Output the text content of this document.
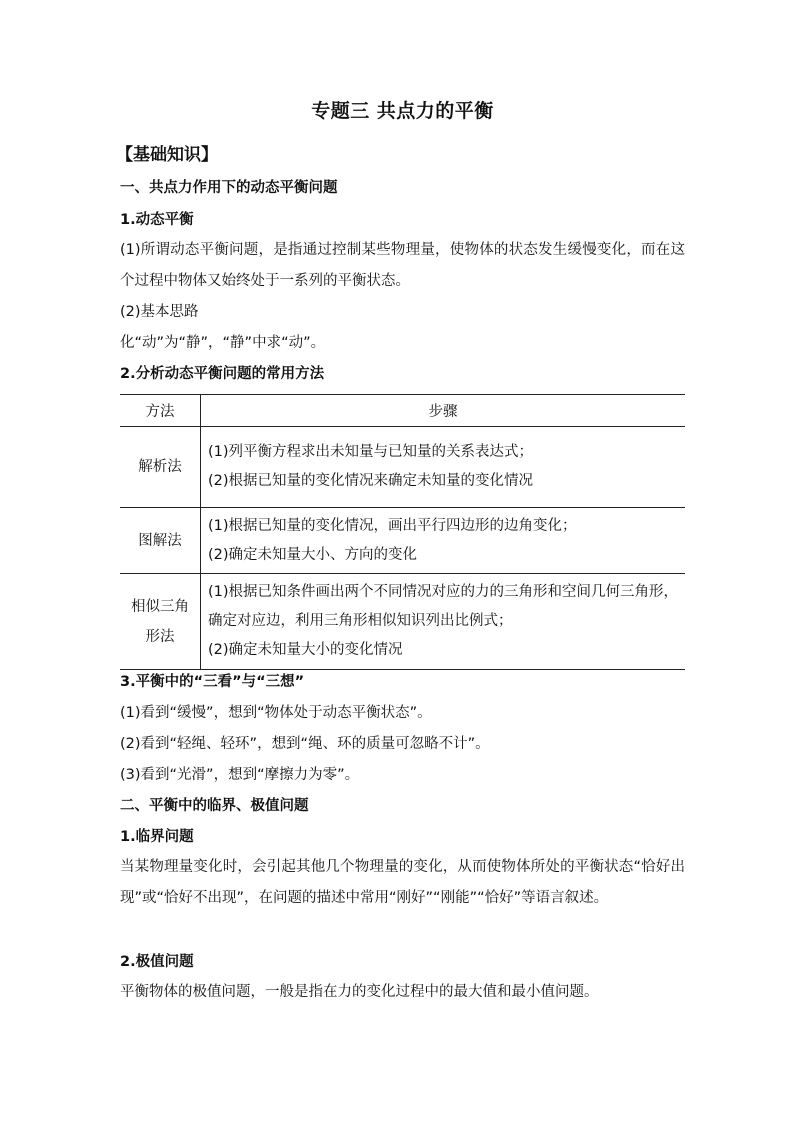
专题三 共点力的平衡
【基础知识】
一、共点力作用下的动态平衡问题
1.动态平衡
(1)所谓动态平衡问题，是指通过控制某些物理量，使物体的状态发生缓慢变化，而在这个过程中物体又始终处于一系列的平衡状态。
(2)基本思路
化“动”为“静”，“静”中求“动”。
2.分析动态平衡问题的常用方法
方法	步骤

解析法	(1)列平衡方程求出未知量与已知量的关系表达式；
(2)根据已知量的变化情况来确定未知量的变化情况

图解法	(1)根据已知量的变化情况，画出平行四边形的边角变化；
(2)确定未知量大小、方向的变化

相似三角
形法	(1)根据已知条件画出两个不同情况对应的力的三角形和空间几何三角形，确定对应边，利用三角形相似知识列出比例式；
(2)确定未知量大小的变化情况
3.平衡中的“三看”与“三想”
(1)看到“缓慢”，想到“物体处于动态平衡状态”。
(2)看到“轻绳、轻环”，想到“绳、环的质量可忽略不计”。
(3)看到“光滑”，想到“摩擦力为零”。
二、平衡中的临界、极值问题
1.临界问题
当某物理量变化时，会引起其他几个物理量的变化，从而使物体所处的平衡状态“恰好出现”或“恰好不出现”，在问题的描述中常用“刚好”“刚能”“恰好”等语言叙述。
2.极值问题
平衡物体的极值问题，一般是指在力的变化过程中的最大值和最小值问题。
